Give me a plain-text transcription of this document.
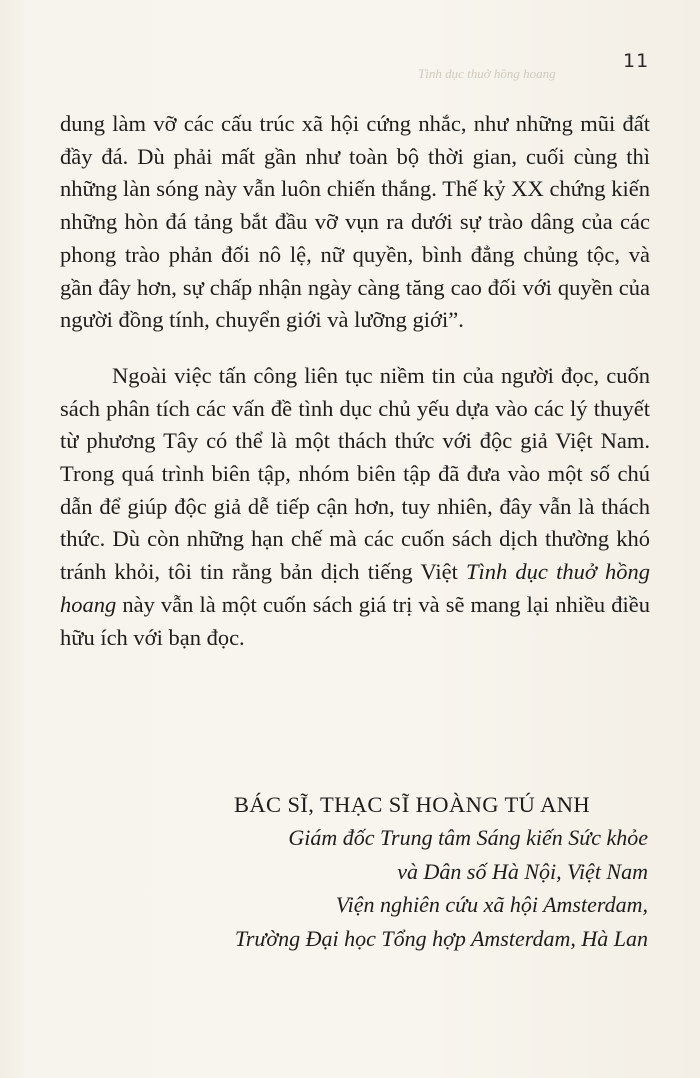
Tình dục thuở hồng hoang
11

dung làm vỡ các cấu trúc xã hội cứng nhắc, như những mũi đất đầy đá. Dù phải mất gần như toàn bộ thời gian, cuối cùng thì những làn sóng này vẫn luôn chiến thắng. Thế kỷ XX chứng kiến những hòn đá tảng bắt đầu vỡ vụn ra dưới sự trào dâng của các phong trào phản đối nô lệ, nữ quyền, bình đẳng chủng tộc, và gần đây hơn, sự chấp nhận ngày càng tăng cao đối với quyền của người đồng tính, chuyển giới và lưỡng giới”.

Ngoài việc tấn công liên tục niềm tin của người đọc, cuốn sách phân tích các vấn đề tình dục chủ yếu dựa vào các lý thuyết từ phương Tây có thể là một thách thức với độc giả Việt Nam. Trong quá trình biên tập, nhóm biên tập đã đưa vào một số chú dẫn để giúp độc giả dễ tiếp cận hơn, tuy nhiên, đây vẫn là thách thức. Dù còn những hạn chế mà các cuốn sách dịch thường khó tránh khỏi, tôi tin rằng bản dịch tiếng Việt Tình dục thuở hồng hoang này vẫn là một cuốn sách giá trị và sẽ mang lại nhiều điều hữu ích với bạn đọc.

BÁC SĨ, THẠC SĨ HOÀNG TÚ ANH
Giám đốc Trung tâm Sáng kiến Sức khỏe
và Dân số Hà Nội, Việt Nam
Viện nghiên cứu xã hội Amsterdam,
Trường Đại học Tổng hợp Amsterdam, Hà Lan
